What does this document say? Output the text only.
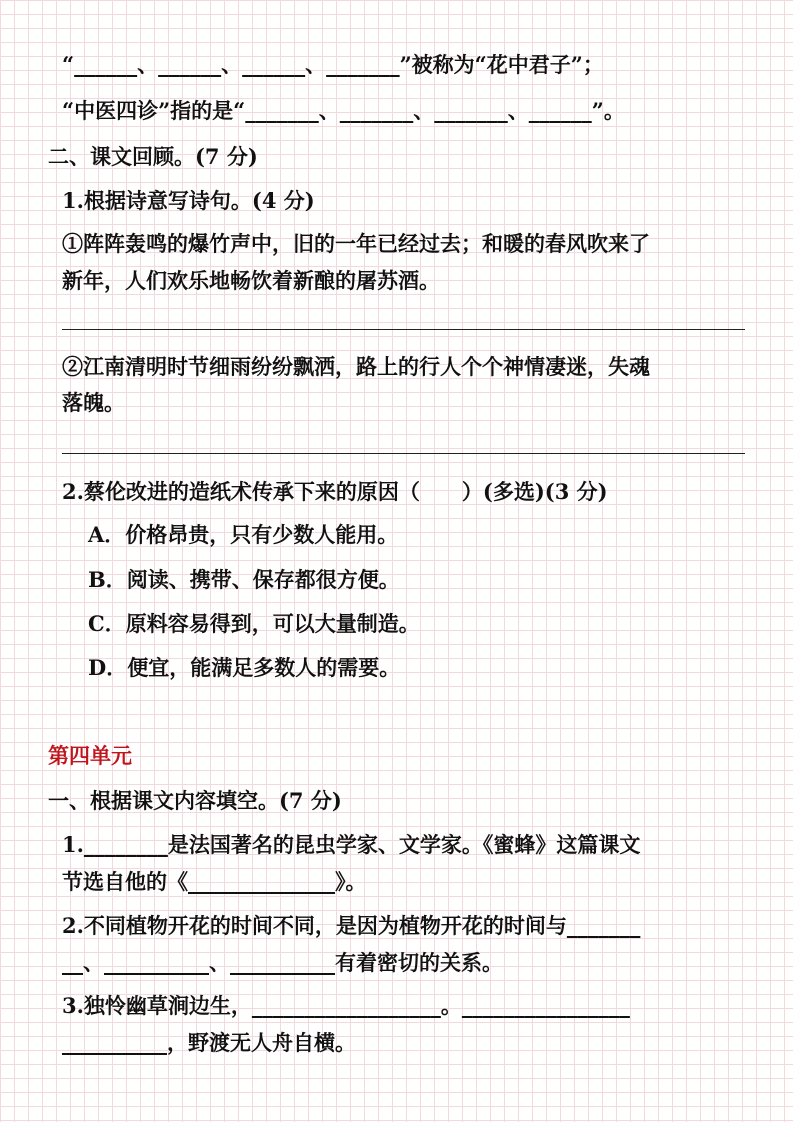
“______、______、______、_______”被称为“花中君子”；
“中医四诊”指的是“_______、_______、_______、______”。
二、课文回顾。(7 分)
1.根据诗意写诗句。(4 分)
①阵阵轰鸣的爆竹声中，旧的一年已经过去；和暖的春风吹来了
新年，人们欢乐地畅饮着新酿的屠苏酒。
②江南清明时节细雨纷纷飘洒，路上的行人个个神情凄迷，失魂
落魄。
2.蔡伦改进的造纸术传承下来的原因（　　）(多选)(3 分)
A．价格昂贵，只有少数人能用。
B．阅读、携带、保存都很方便。
C．原料容易得到，可以大量制造。
D．便宜，能满足多数人的需要。
第四单元
一、根据课文内容填空。(7 分)
1.________是法国著名的昆虫学家、文学家。《蜜蜂》这篇课文
节选自他的《______________》。
2.不同植物开花的时间不同，是因为植物开花的时间与_______
__、__________、__________有着密切的关系。
3.独怜幽草涧边生，__________________。________________
__________，野渡无人舟自横。
